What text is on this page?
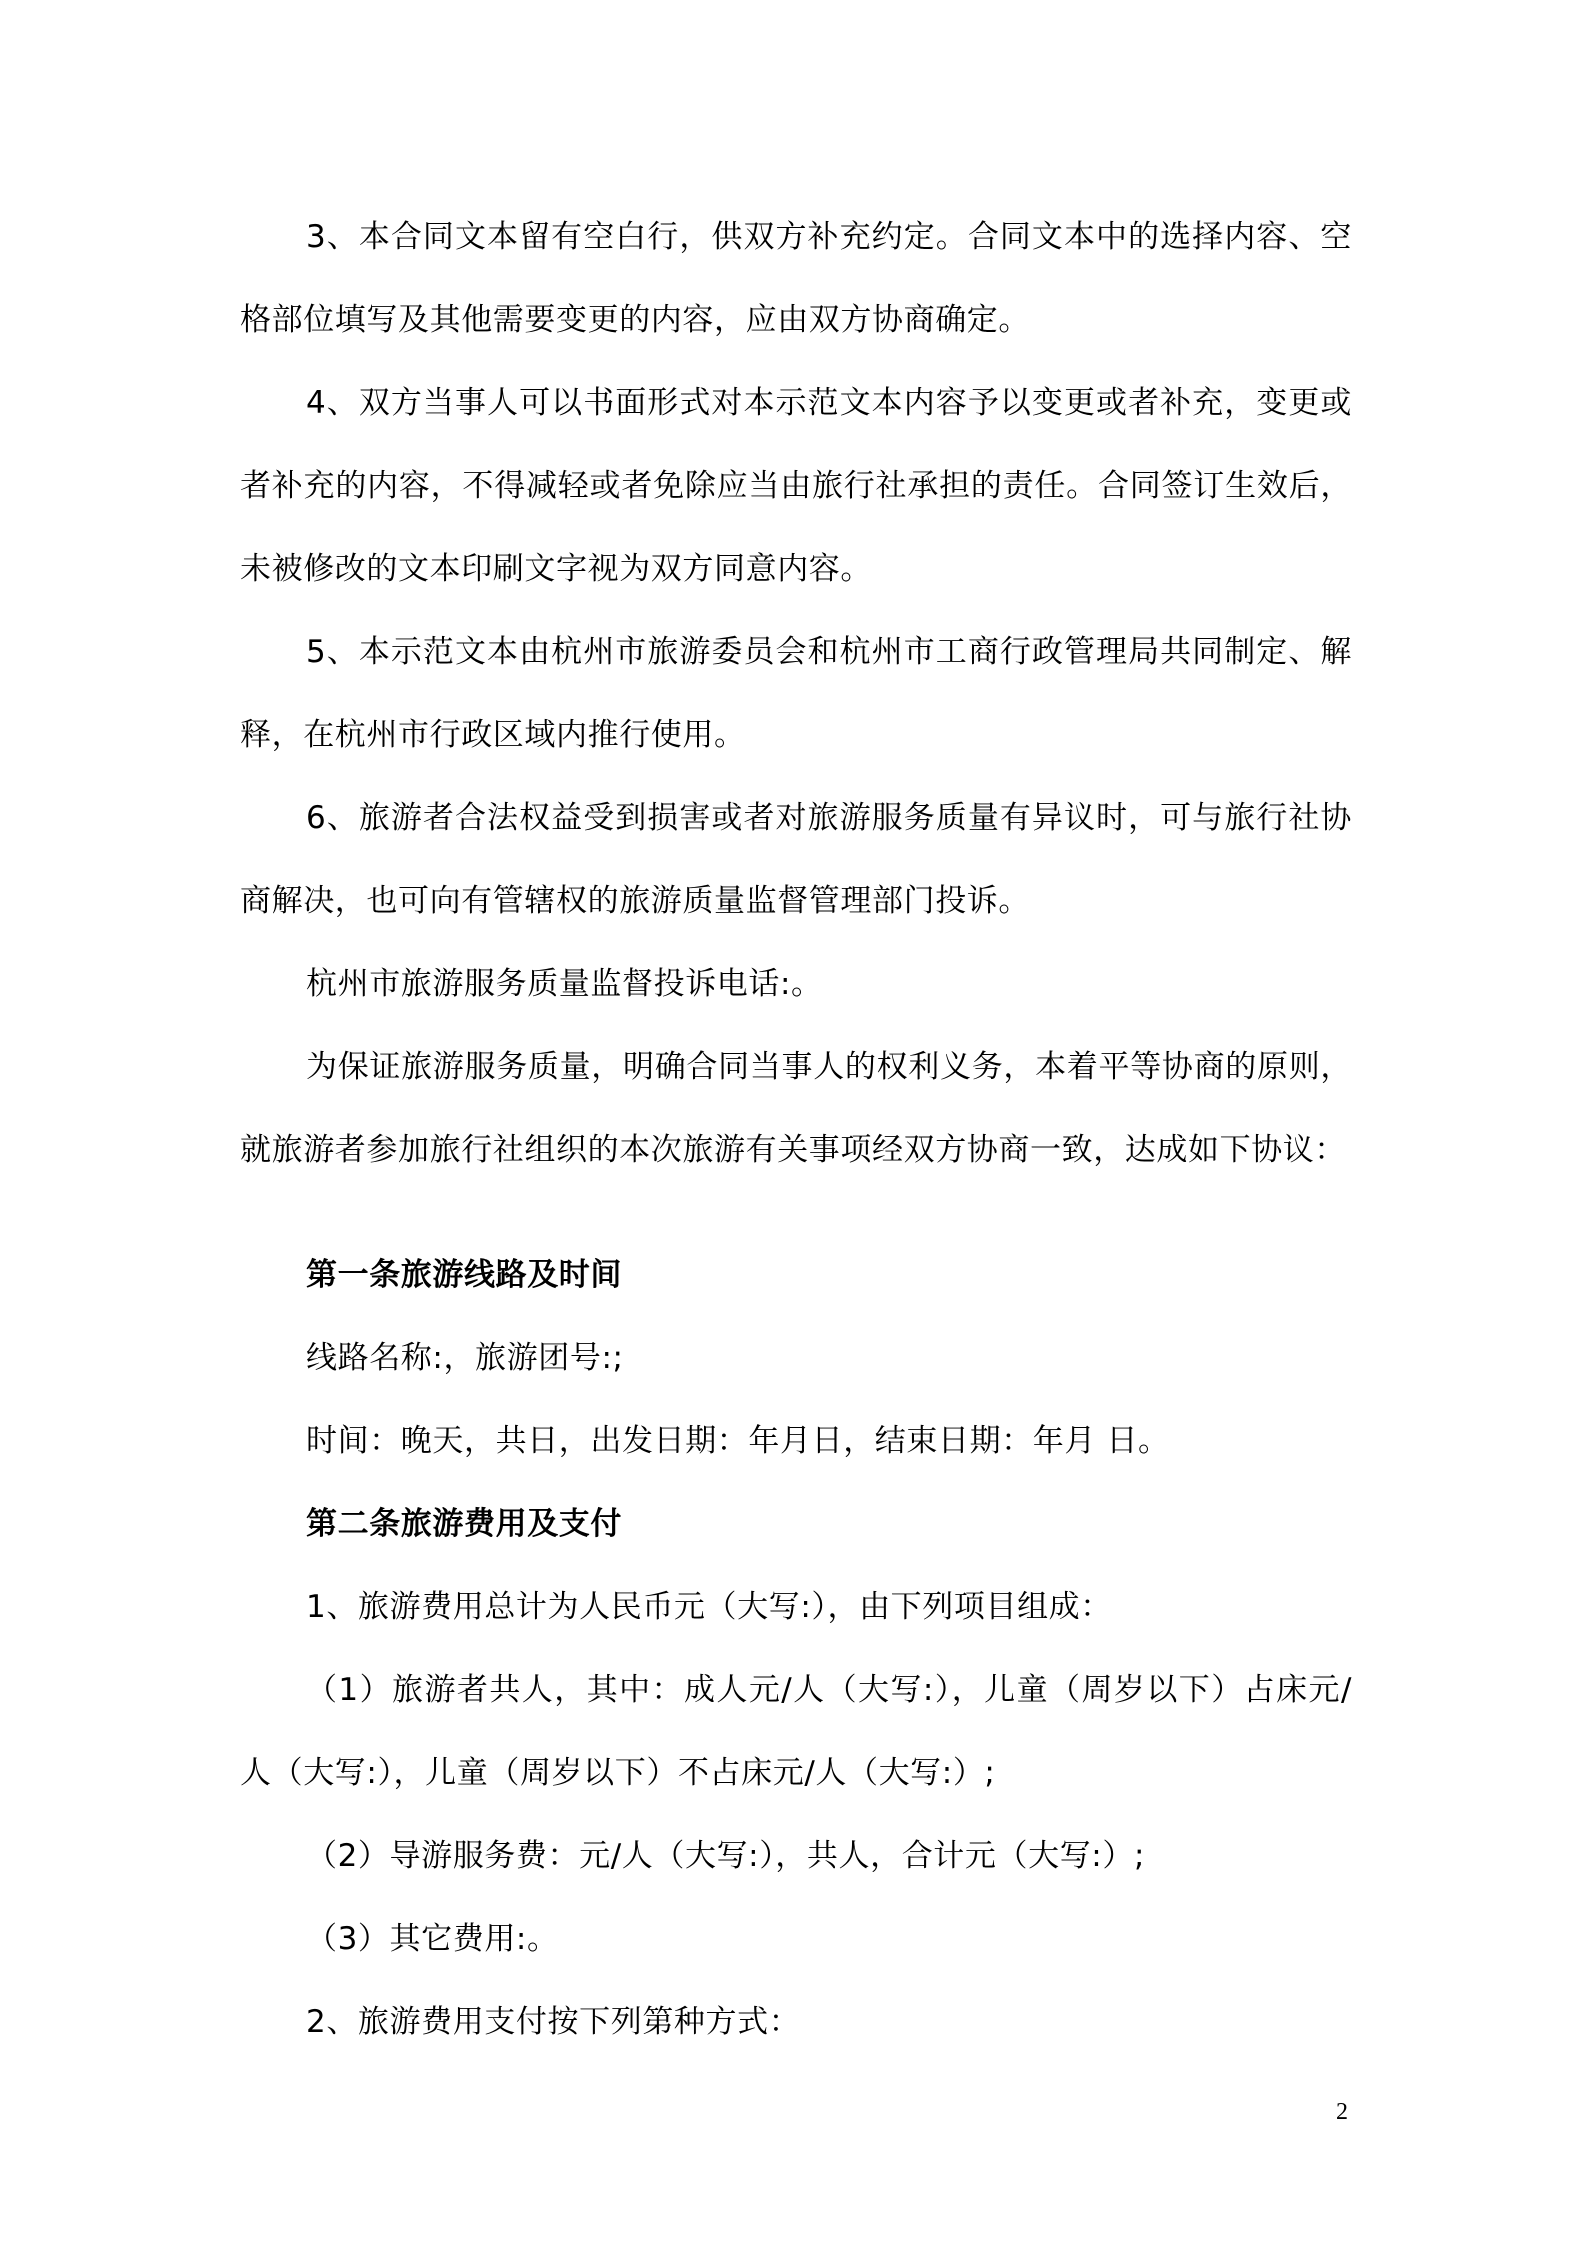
3、本合同文本留有空白行，供双方补充约定。合同文本中的选择内容、空格部位填写及其他需要变更的内容，应由双方协商确定。

4、双方当事人可以书面形式对本示范文本内容予以变更或者补充，变更或者补充的内容，不得减轻或者免除应当由旅行社承担的责任。合同签订生效后，未被修改的文本印刷文字视为双方同意内容。

5、本示范文本由杭州市旅游委员会和杭州市工商行政管理局共同制定、解释，在杭州市行政区域内推行使用。

6、旅游者合法权益受到损害或者对旅游服务质量有异议时，可与旅行社协商解决，也可向有管辖权的旅游质量监督管理部门投诉。

杭州市旅游服务质量监督投诉电话:。

为保证旅游服务质量，明确合同当事人的权利义务，本着平等协商的原则，就旅游者参加旅行社组织的本次旅游有关事项经双方协商一致，达成如下协议：

第一条旅游线路及时间

线路名称:，旅游团号:;

时间：晚天，共日，出发日期：年月日，结束日期：年月 日。

第二条旅游费用及支付

1、旅游费用总计为人民币元（大写:），由下列项目组成：

（1）旅游者共人，其中：成人元/人（大写:），儿童（周岁以下）占床元/人（大写:），儿童（周岁以下）不占床元/人（大写:）;

（2）导游服务费：元/人（大写:），共人，合计元（大写:）;

（3）其它费用:。

2、旅游费用支付按下列第种方式：

2
